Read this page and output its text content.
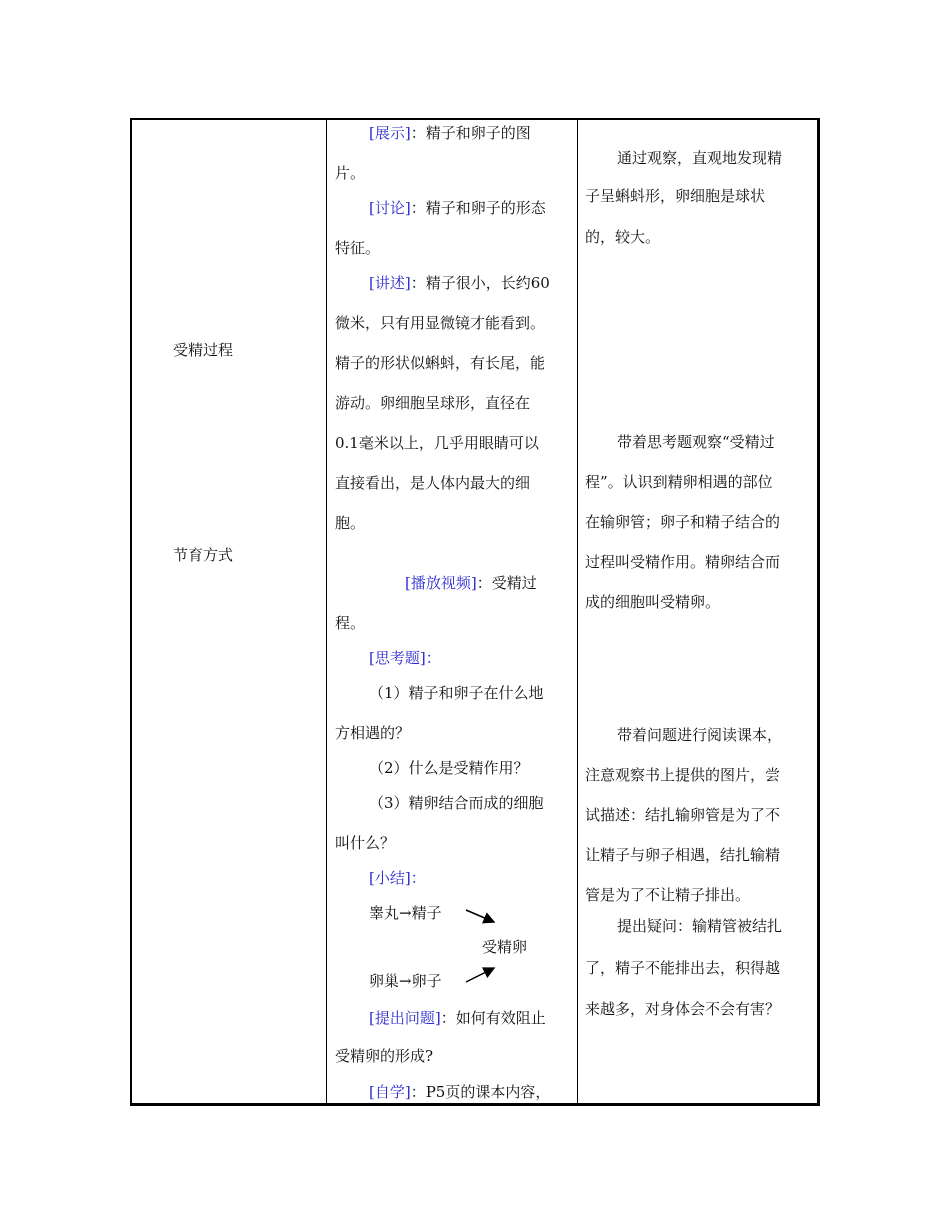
受精过程
节育方式
[展示]：精子和卵子的图
片。
[讨论]：精子和卵子的形态
特征。
[讲述]：精子很小，长约60
微米，只有用显微镜才能看到。
精子的形状似蝌蚪，有长尾，能
游动。卵细胞呈球形，直径在
0.1毫米以上，几乎用眼睛可以
直接看出，是人体内最大的细
胞。
[播放视频]：受精过
程。
[思考题]：
（1）精子和卵子在什么地
方相遇的？
（2）什么是受精作用？
（3）精卵结合而成的细胞
叫什么？
[小结]：
睾丸→精子
受精卵
卵巢→卵子
[提出问题]：如何有效阻止
受精卵的形成?
[自学]：P5页的课本内容，
通过观察，直观地发现精
子呈蝌蚪形，卵细胞是球状
的，较大。
带着思考题观察“受精过
程”。认识到精卵相遇的部位
在输卵管；卵子和精子结合的
过程叫受精作用。精卵结合而
成的细胞叫受精卵。
带着问题进行阅读课本，
注意观察书上提供的图片，尝
试描述：结扎输卵管是为了不
让精子与卵子相遇，结扎输精
管是为了不让精子排出。
提出疑问：输精管被结扎
了，精子不能排出去，积得越
来越多，对身体会不会有害？
